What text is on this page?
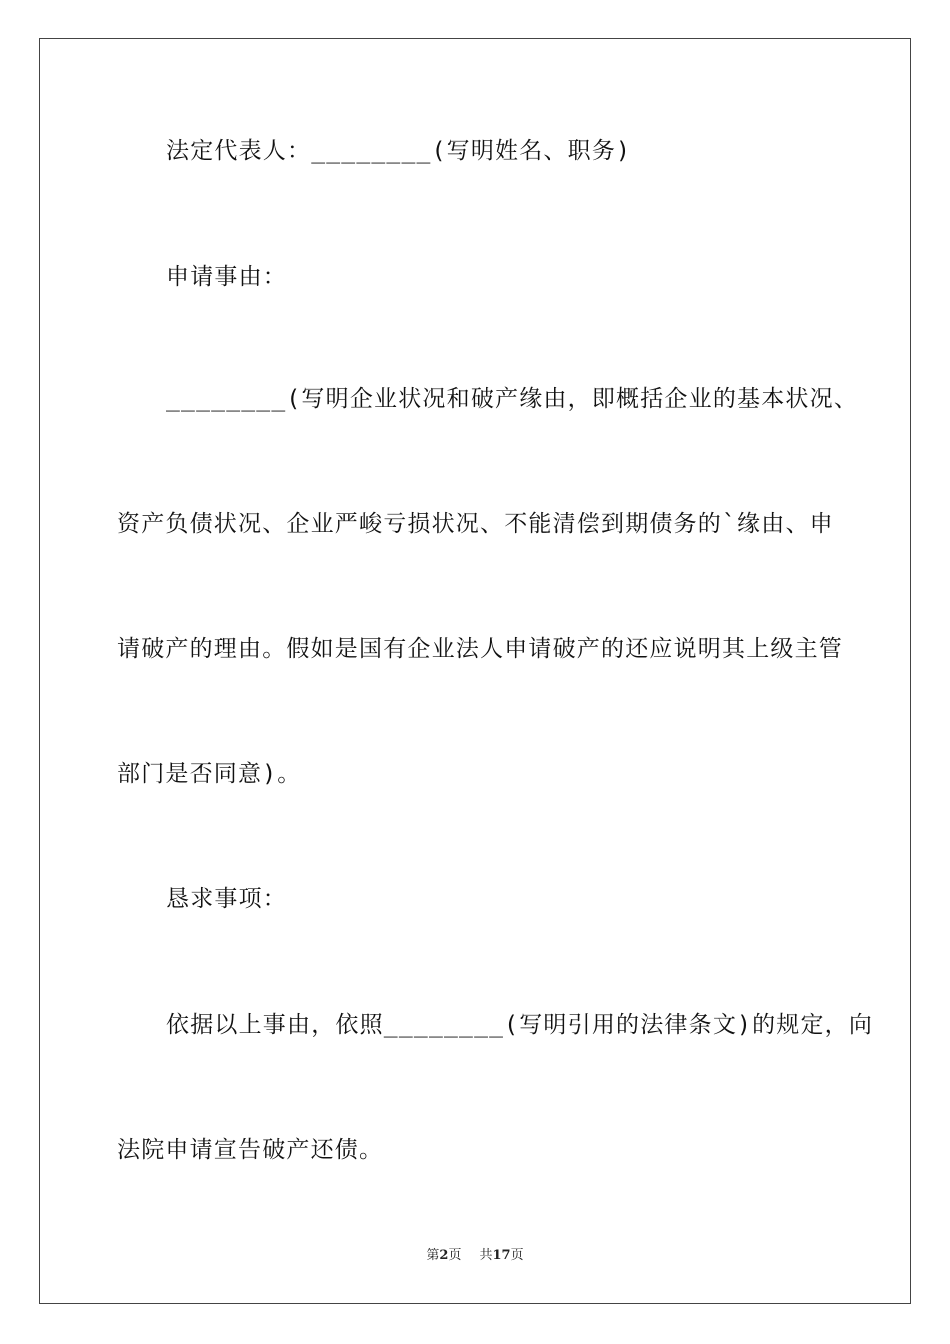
法定代表人：________(写明姓名、职务)
申请事由：
________(写明企业状况和破产缘由，即概括企业的基本状况、
资产负债状况、企业严峻亏损状况、不能清偿到期债务的`缘由、申
请破产的理由。假如是国有企业法人申请破产的还应说明其上级主管
部门是否同意)。
恳求事项：
依据以上事由，依照________(写明引用的法律条文)的规定，向
法院申请宣告破产还债。
第2页 共17页
